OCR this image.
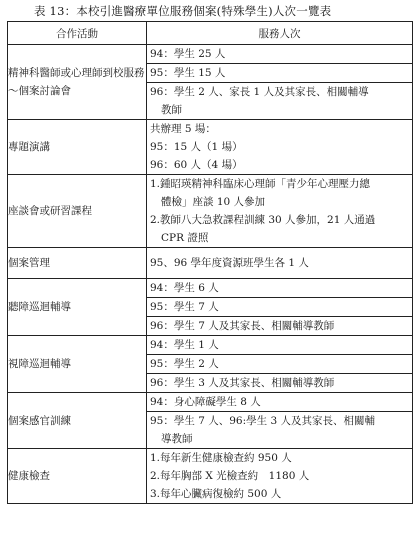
表 13：本校引進醫療單位服務個案(特殊學生)人次一覽表
合作活動	服務人次
精神科醫師或心理師到校服務～個案討論會	94：學生 25 人
95：學生 15 人
96：學生 2 人、家長 1 人及其家長、相關輔導
教師

專題演講	共辦理 5 場：
95：15 人（1 場）
96：60 人（4 場）

座談會或研習課程	1.鍾昭瑛精神科臨床心理師「青少年心理壓力總
體檢」座談 10 人參加
2.教師八大急救課程訓練 30 人參加，21 人通過
CPR 證照

個案管理	95、96 學年度資源班學生各 1 人

聽障巡迴輔導	94：學生 6 人
95：學生 7 人
96：學生 7 人及其家長、相關輔導教師

視障巡迴輔導	94：學生 1 人
95：學生 2 人
96：學生 3 人及其家長、相關輔導教師

個案感官訓練	94：身心障礙學生 8 人
95：學生 7 人、96:學生 3 人及其家長、相關輔
導教師

健康檢查	1.每年新生健康檢查約 950 人
2.每年胸部 X 光檢查約　1180 人
3.每年心臟病復檢約 500 人
